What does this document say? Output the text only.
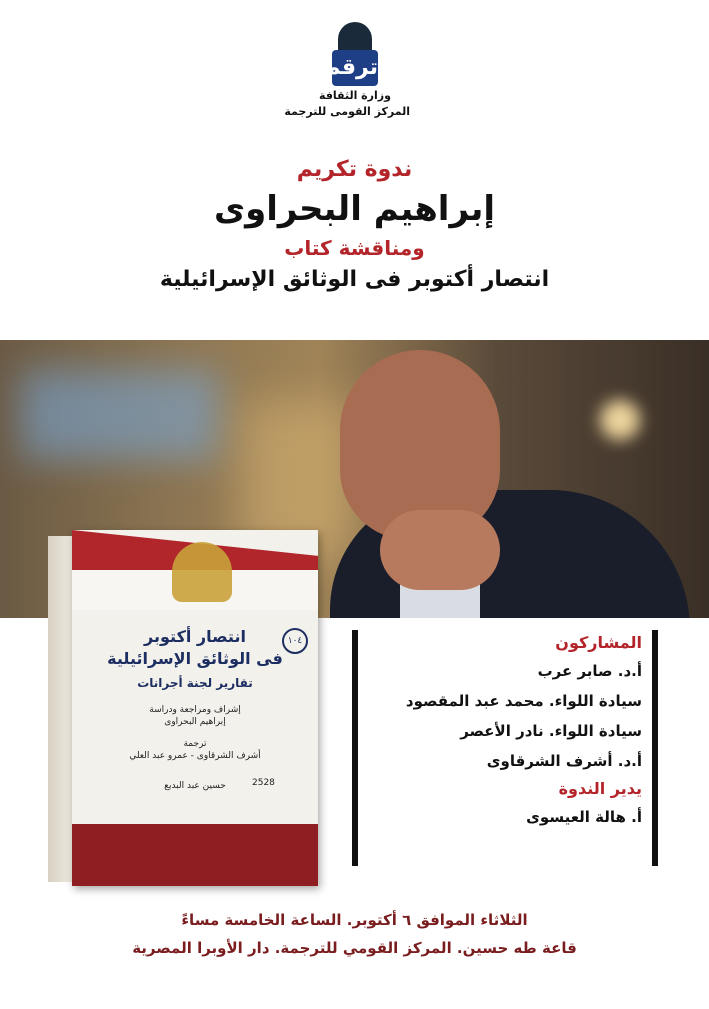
ترقم
وزارة الثقافة
المركز القومى للترجمة
ندوة تكريم
إبراهيم البحراوى
ومناقشة كتاب
انتصار أكتوبر فى الوثائق الإسرائيلية
١٠٤
انتصار أكتوبر
فى الوثائق الإسرائيلية
تقارير لجنة أجرانات
إشراف ومراجعة ودراسة
إبراهيم البحراوى
ترجمة
أشرف الشرقاوى - عمرو عبد العلي
حسين عبد البديع	2528
المشاركون
أ.د. صابر عرب
سيادة اللواء. محمد عبد المقصود
سيادة اللواء. نادر الأعصر
أ.د. أشرف الشرقاوى
يدير الندوة
أ. هالة العيسوى
الثلاثاء الموافق ٦ أكتوبر. الساعة الخامسة مساءً
قاعة طه حسين. المركز القومي للترجمة. دار الأوبرا المصرية
